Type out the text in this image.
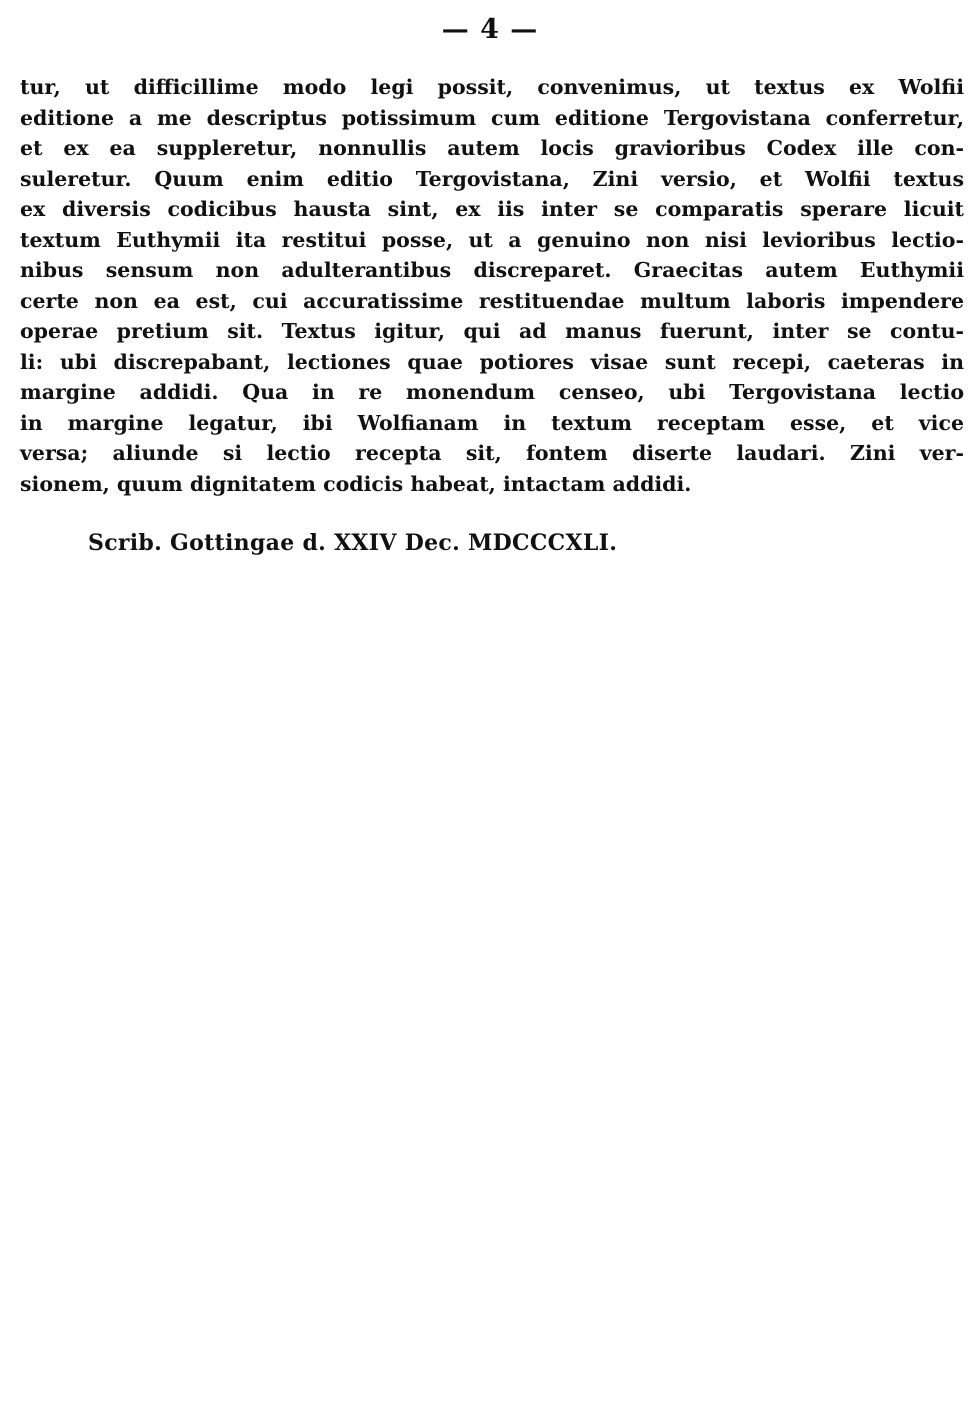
— 4 —
tur, ut difficillime modo legi possit, convenimus, ut textus ex Wolfii
editione a me descriptus potissimum cum editione Tergovistana conferretur,
et ex ea suppleretur, nonnullis autem locis gravioribus Codex ille con-
suleretur. Quum enim editio Tergovistana, Zini versio, et Wolfii textus
ex diversis codicibus hausta sint, ex iis inter se comparatis sperare licuit
textum Euthymii ita restitui posse, ut a genuino non nisi levioribus lectio-
nibus sensum non adulterantibus discreparet. Graecitas autem Euthymii
certe non ea est, cui accuratissime restituendae multum laboris impendere
operae pretium sit. Textus igitur, qui ad manus fuerunt, inter se contu-
li: ubi discrepabant, lectiones quae potiores visae sunt recepi, caeteras in
margine addidi. Qua in re monendum censeo, ubi Tergovistana lectio
in margine legatur, ibi Wolfianam in textum receptam esse, et vice
versa; aliunde si lectio recepta sit, fontem diserte laudari. Zini ver-
sionem, quum dignitatem codicis habeat, intactam addidi.
Scrib. Gottingae d. XXIV Dec. MDCCCXLI.
